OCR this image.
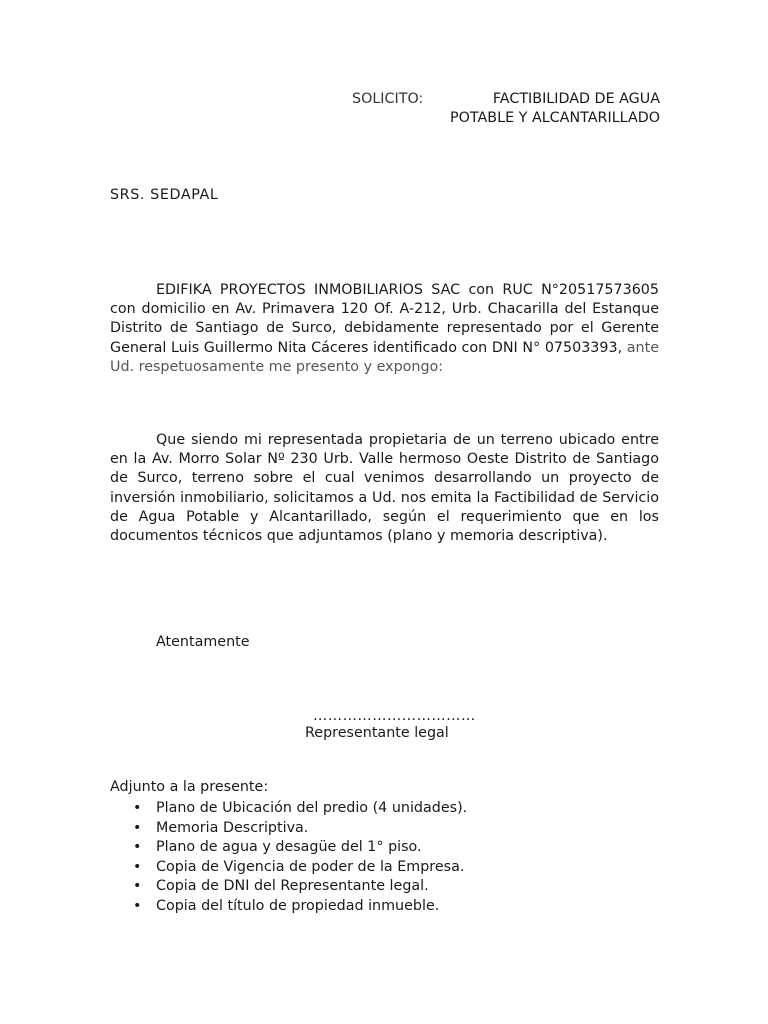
SOLICITO:	FACTIBILIDAD DE AGUA
POTABLE Y ALCANTARILLADO
SRS. SEDAPAL
EDIFIKA PROYECTOS INMOBILIARIOS SAC con RUC N°20517573605 con domicilio en Av. Primavera 120 Of. A-212, Urb. Chacarilla del Estanque Distrito de Santiago de Surco, debidamente representado por el Gerente General Luis Guillermo Nita Cáceres identificado con DNI N° 07503393, ante Ud. respetuosamente me presento y expongo:
Que siendo mi representada propietaria de un terreno ubicado entre en la Av. Morro Solar Nº 230 Urb. Valle hermoso Oeste Distrito de Santiago de Surco, terreno sobre el cual venimos desarrollando un proyecto de inversión inmobiliario, solicitamos a Ud. nos emita la Factibilidad de Servicio de Agua Potable y Alcantarillado, según el requerimiento que en los documentos técnicos que adjuntamos (plano y memoria descriptiva).
Atentamente
……………………………
Representante legal
Adjunto a la presente:
• Plano de Ubicación del predio (4 unidades).
• Memoria Descriptiva.
• Plano de agua y desagüe del 1° piso.
• Copia de Vigencia de poder de la Empresa.
• Copia de DNI del Representante legal.
• Copia del título de propiedad inmueble.
